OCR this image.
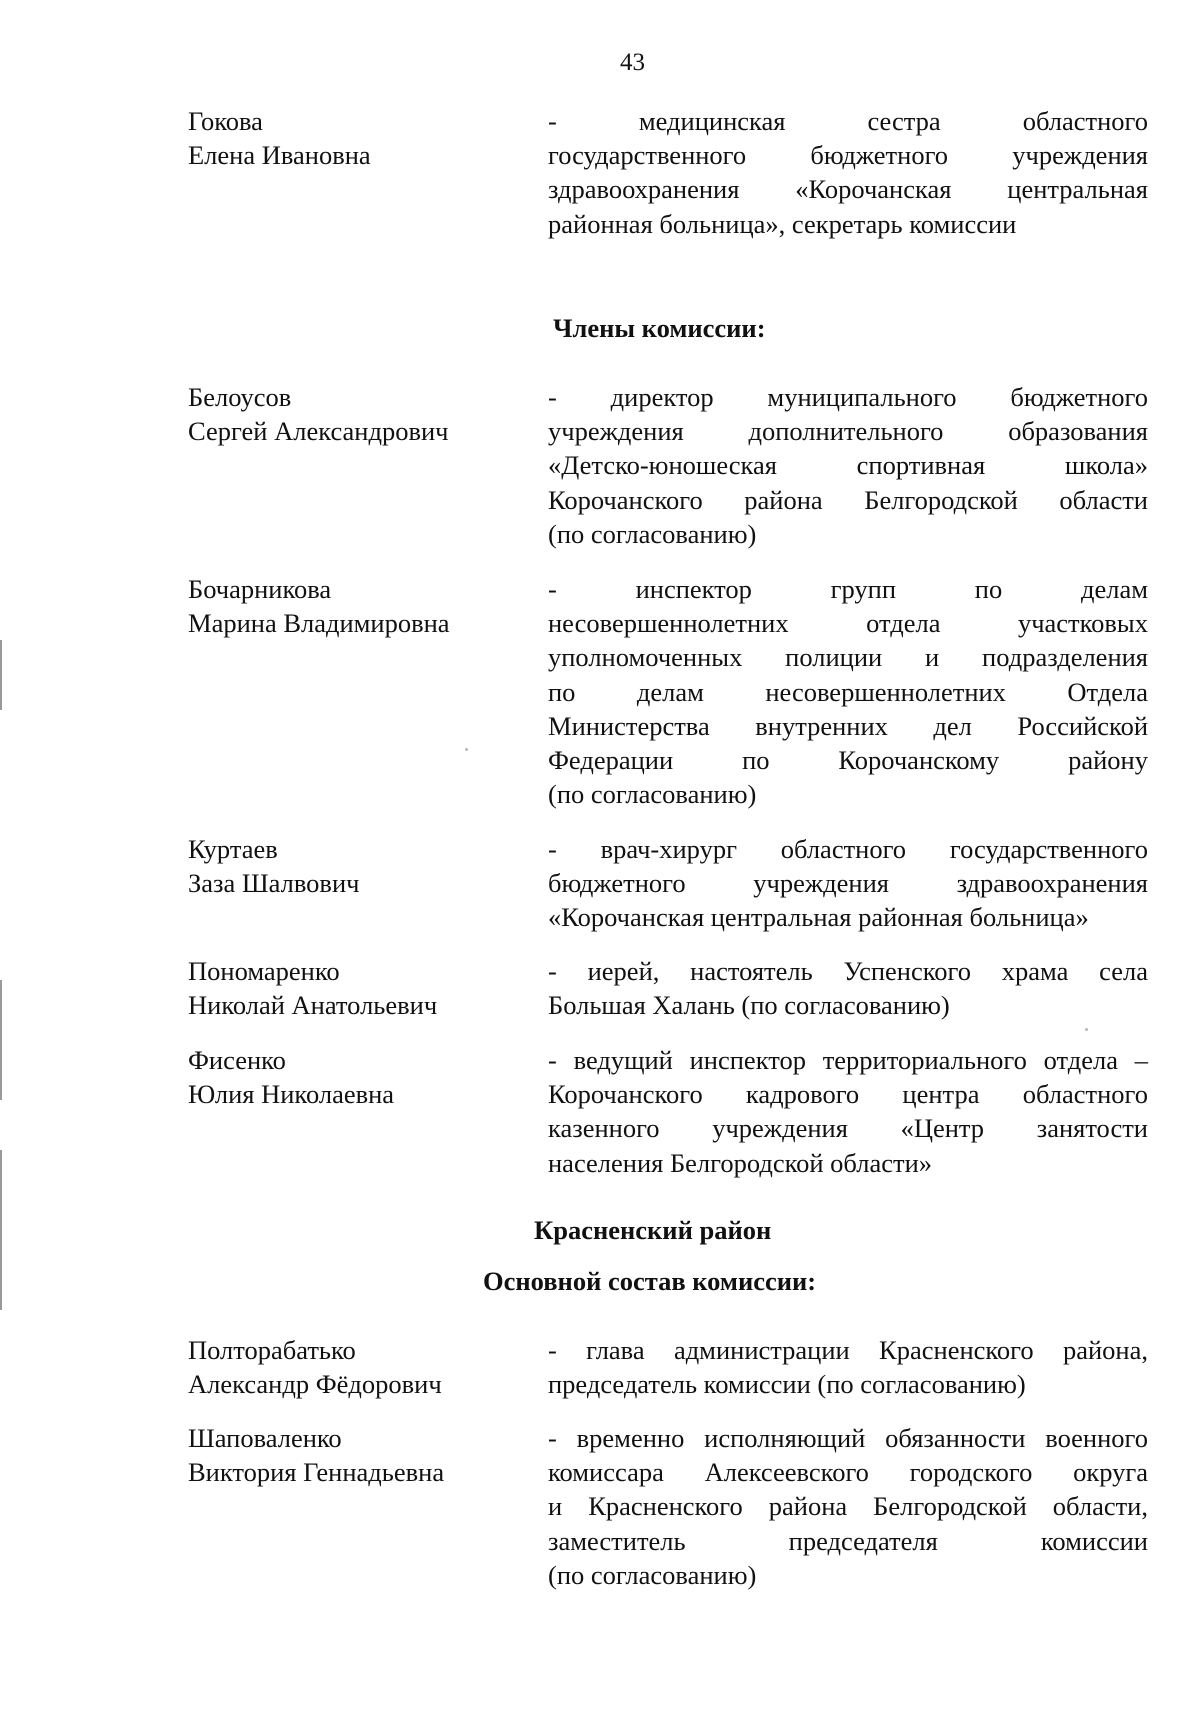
43
Гокова
Елена Ивановна
- медицинская сестра областного
государственного бюджетного учреждения
здравоохранения «Корочанская центральная
районная больница», секретарь комиссии
Члены комиссии:
Белоусов
Сергей Александрович
- директор муниципального бюджетного
учреждения дополнительного образования
«Детско-юношеская спортивная школа»
Корочанского района Белгородской области
(по согласованию)
Бочарникова
Марина Владимировна
- инспектор групп по делам
несовершеннолетних отдела участковых
уполномоченных полиции и подразделения
по делам несовершеннолетних Отдела
Министерства внутренних дел Российской
Федерации по Корочанскому району
(по согласованию)
Куртаев
Заза Шалвович
- врач-хирург областного государственного
бюджетного учреждения здравоохранения
«Корочанская центральная районная больница»
Пономаренко
Николай Анатольевич
- иерей, настоятель Успенского храма села
Большая Халань (по согласованию)
Фисенко
Юлия Николаевна
- ведущий инспектор территориального отдела –
Корочанского кадрового центра областного
казенного учреждения «Центр занятости
населения Белгородской области»
Красненский район
Основной состав комиссии:
Полторабатько
Александр Фёдорович
- глава администрации Красненского района,
председатель комиссии (по согласованию)
Шаповаленко
Виктория Геннадьевна
- временно исполняющий обязанности военного
комиссара Алексеевского городского округа
и Красненского района Белгородской области,
заместитель председателя комиссии
(по согласованию)
